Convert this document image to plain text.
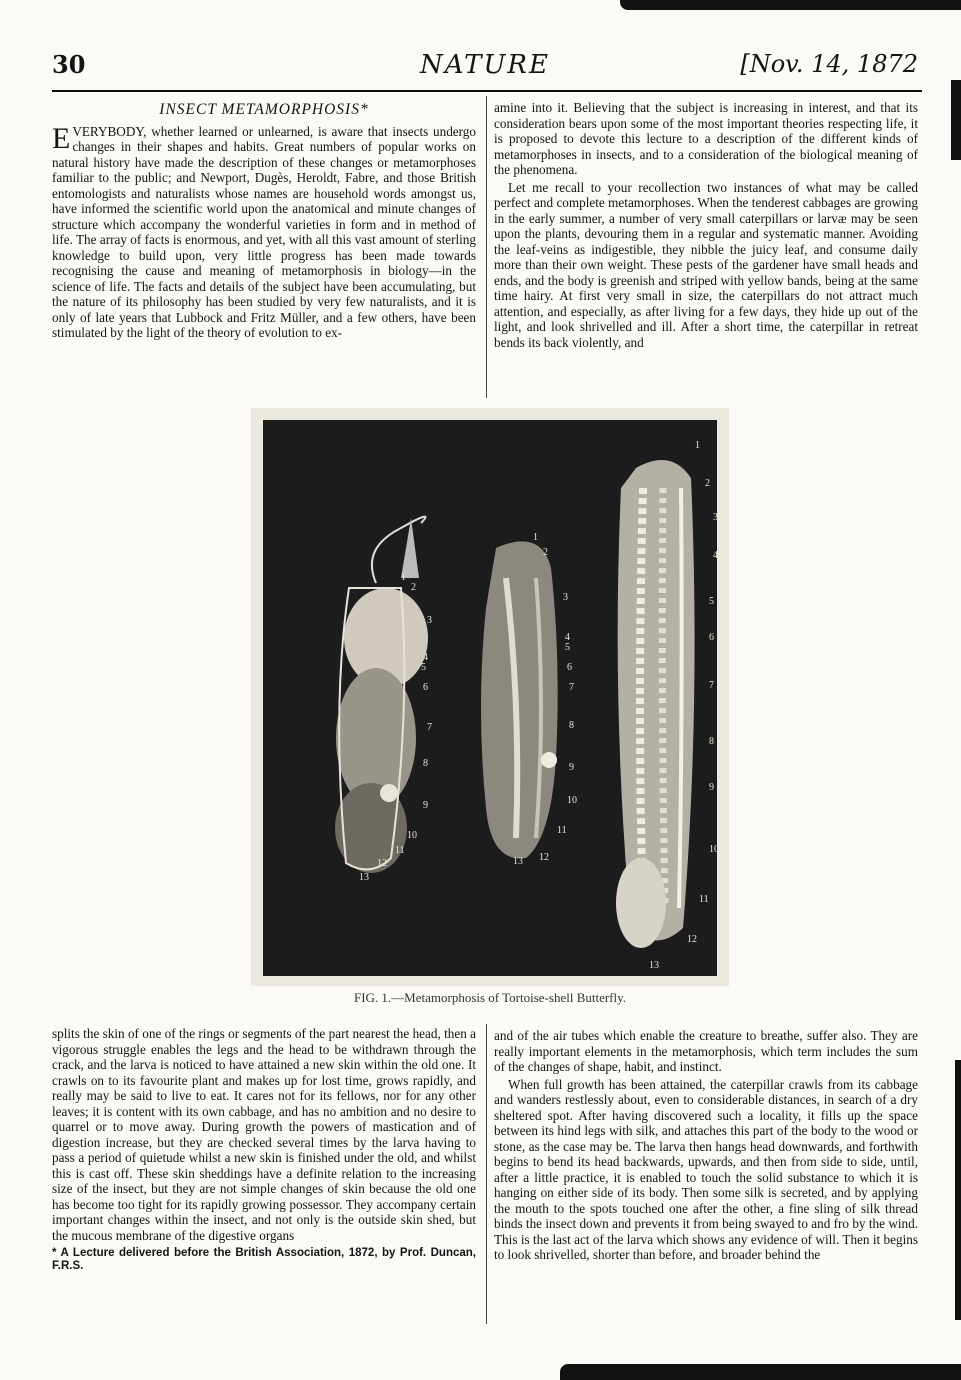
30	NATURE	[Nov. 14, 1872
INSECT METAMORPHOSIS*

EVERYBODY, whether learned or unlearned, is aware that insects undergo changes in their shapes and habits. Great numbers of popular works on natural history have made the description of these changes or metamorphoses familiar to the public; and Newport, Dugès, Heroldt, Fabre, and those British entomologists and naturalists whose names are household words amongst us, have informed the scientific world upon the anatomical and minute changes of structure which accompany the wonderful varieties in form and in method of life. The array of facts is enormous, and yet, with all this vast amount of sterling knowledge to build upon, very little progress has been made towards recognising the cause and meaning of metamorphosis in biology—in the science of life. The facts and details of the subject have been accumulating, but the nature of its philosophy has been studied by very few naturalists, and it is only of late years that Lubbock and Fritz Müller, and a few others, have been stimulated by the light of the theory of evolution to ex-

amine into it. Believing that the subject is increasing in interest, and that its consideration bears upon some of the most important theories respecting life, it is proposed to devote this lecture to a description of the different kinds of metamorphoses in insects, and to a consideration of the biological meaning of the phenomena.

Let me recall to your recollection two instances of what may be called perfect and complete metamorphoses. When the tenderest cabbages are growing in the early summer, a number of very small caterpillars or larvæ may be seen upon the plants, devouring them in a regular and systematic manner. Avoiding the leaf-veins as indigestible, they nibble the juicy leaf, and consume daily more than their own weight. These pests of the gardener have small heads and ends, and the body is greenish and striped with yellow bands, being at the same time hairy. At first very small in size, the caterpillars do not attract much attention, and especially, as after living for a few days, they hide up out of the light, and look shrivelled and ill. After a short time, the caterpillar in retreat bends its back violently, and

1
2
3
4
5
6
7
8
9
10
11
12
13
1
2
3
4
5
6
7
8
9
10
11
12
13
1
2
3
4
5
6
7
8
9
10
11
12
13
FIG. 1.—Metamorphosis of Tortoise-shell Butterfly.

splits the skin of one of the rings or segments of the part nearest the head, then a vigorous struggle enables the legs and the head to be withdrawn through the crack, and the larva is noticed to have attained a new skin within the old one. It crawls on to its favourite plant and makes up for lost time, grows rapidly, and really may be said to live to eat. It cares not for its fellows, nor for any other leaves; it is content with its own cabbage, and has no ambition and no desire to quarrel or to move away. During growth the powers of mastication and of digestion increase, but they are checked several times by the larva having to pass a period of quietude whilst a new skin is finished under the old, and whilst this is cast off. These skin sheddings have a definite relation to the increasing size of the insect, but they are not simple changes of skin because the old one has become too tight for its rapidly growing possessor. They accompany certain important changes within the insect, and not only is the outside skin shed, but the mucous membrane of the digestive organs

* A Lecture delivered before the British Association, 1872, by Prof. Duncan, F.R.S.

and of the air tubes which enable the creature to breathe, suffer also. They are really important elements in the metamorphosis, which term includes the sum of the changes of shape, habit, and instinct.

When full growth has been attained, the caterpillar crawls from its cabbage and wanders restlessly about, even to considerable distances, in search of a dry sheltered spot. After having discovered such a locality, it fills up the space between its hind legs with silk, and attaches this part of the body to the wood or stone, as the case may be. The larva then hangs head downwards, and forthwith begins to bend its head backwards, upwards, and then from side to side, until, after a little practice, it is enabled to touch the solid substance to which it is hanging on either side of its body. Then some silk is secreted, and by applying the mouth to the spots touched one after the other, a fine sling of silk thread binds the insect down and prevents it from being swayed to and fro by the wind. This is the last act of the larva which shows any evidence of will. Then it begins to look shrivelled, shorter than before, and broader behind the
